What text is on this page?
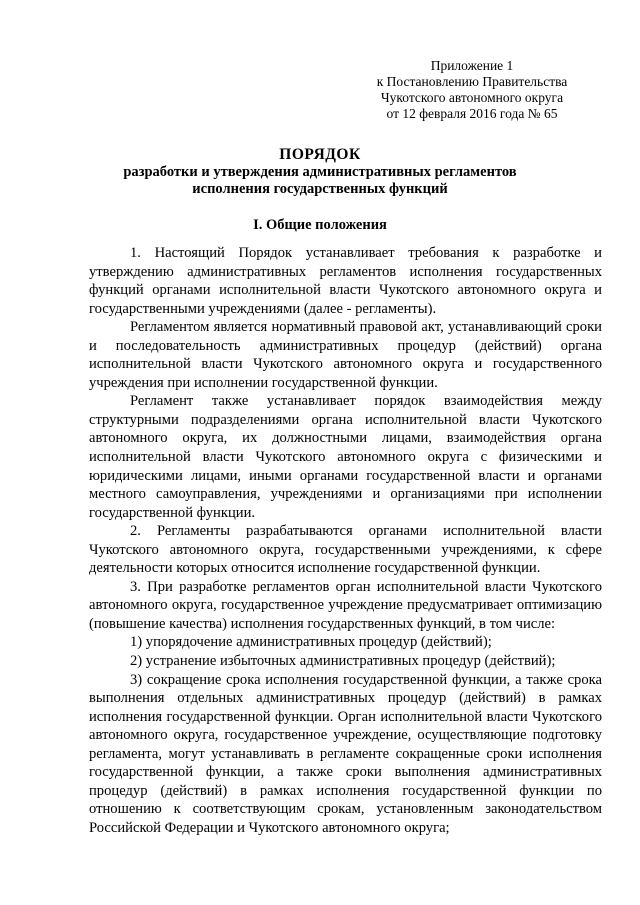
Приложение 1
к Постановлению Правительства
Чукотского автономного округа
от 12 февраля 2016 года № 65
ПОРЯДОК
разработки и утверждения административных регламентов
исполнения государственных функций
I. Общие положения

1. Настоящий Порядок устанавливает требования к разработке и утверждению административных регламентов исполнения государственных функций органами исполнительной власти Чукотского автономного округа и государственными учреждениями (далее - регламенты).

Регламентом является нормативный правовой акт, устанавливающий сроки и последовательность административных процедур (действий) органа исполнительной власти Чукотского автономного округа и государственного учреждения при исполнении государственной функции.

Регламент также устанавливает порядок взаимодействия между структурными подразделениями органа исполнительной власти Чукотского автономного округа, их должностными лицами, взаимодействия органа исполнительной власти Чукотского автономного округа с физическими и юридическими лицами, иными органами государственной власти и органами местного самоуправления, учреждениями и организациями при исполнении государственной функции.

2. Регламенты разрабатываются органами исполнительной власти Чукотского автономного округа, государственными учреждениями, к сфере деятельности которых относится исполнение государственной функции.

3. При разработке регламентов орган исполнительной власти Чукотского автономного округа, государственное учреждение предусматривает оптимизацию (повышение качества) исполнения государственных функций, в том числе:

1) упорядочение административных процедур (действий);

2) устранение избыточных административных процедур (действий);

3) сокращение срока исполнения государственной функции, а также срока выполнения отдельных административных процедур (действий) в рамках исполнения государственной функции. Орган исполнительной власти Чукотского автономного округа, государственное учреждение, осуществляющие подготовку регламента, могут устанавливать в регламенте сокращенные сроки исполнения государственной функции, а также сроки выполнения административных процедур (действий) в рамках исполнения государственной функции по отношению к соответствующим срокам, установленным законодательством Российской Федерации и Чукотского автономного округа;
